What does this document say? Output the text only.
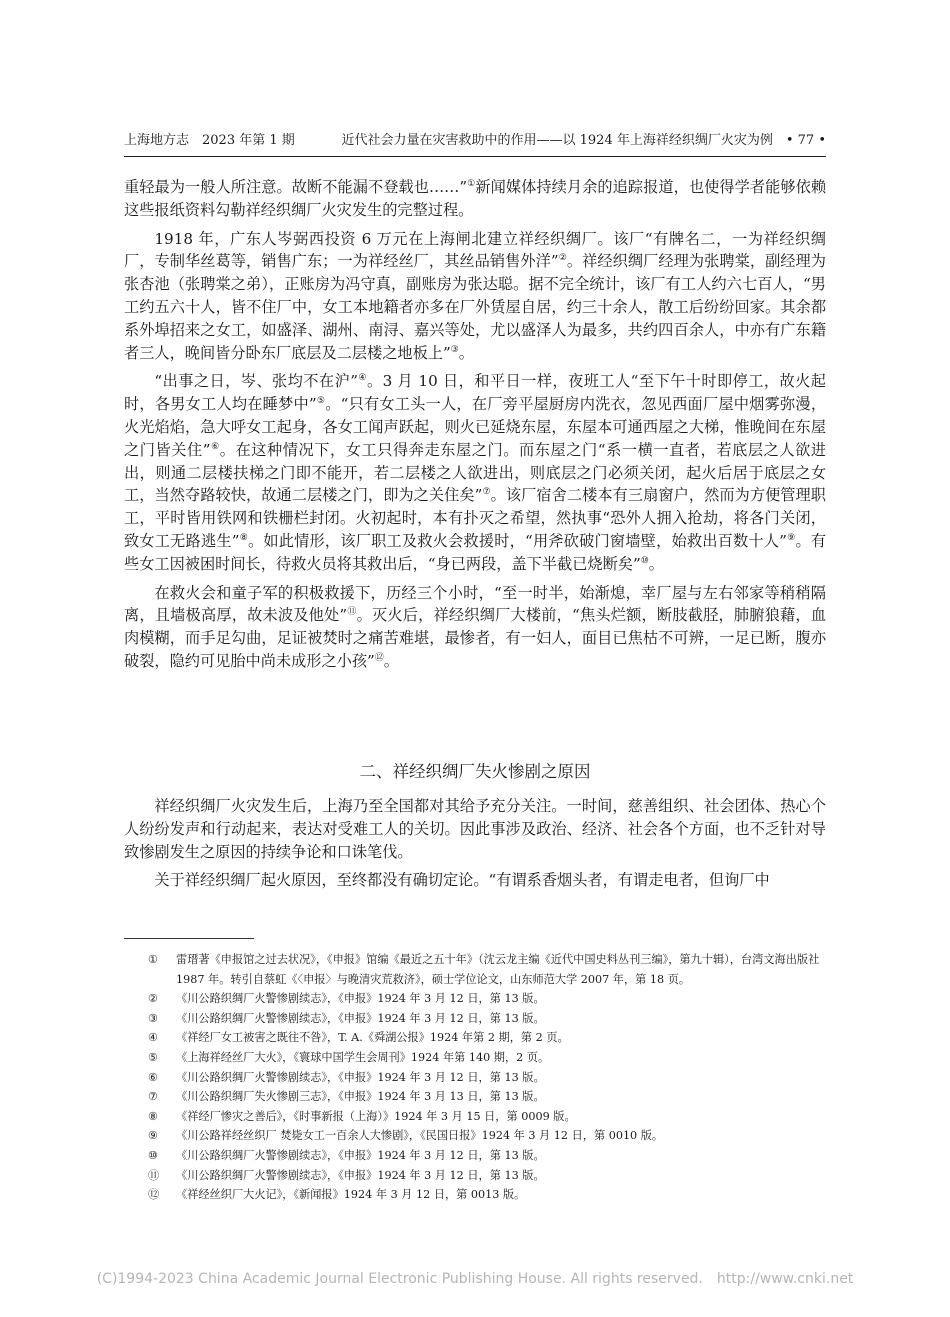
上海地方志　2023 年第 1 期	近代社会力量在灾害救助中的作用——以 1924 年上海祥经织绸厂火灾为例　• 77 •

重轻最为一般人所注意。故断不能漏不登载也……”①新闻媒体持续月余的追踪报道，也使得学者能够依赖这些报纸资料勾勒祥经织绸厂火灾发生的完整过程。

1918 年，广东人岑弼西投资 6 万元在上海闸北建立祥经织绸厂。该厂“有牌名二，一为祥经织绸厂，专制华丝葛等，销售广东；一为祥经丝厂，其丝品销售外洋”②。祥经织绸厂经理为张聘棠，副经理为张杏池（张聘棠之弟），正账房为冯守真，副账房为张达聪。据不完全统计，该厂有工人约六七百人，“男工约五六十人，皆不住厂中，女工本地籍者亦多在厂外赁屋自居，约三十余人，散工后纷纷回家。其余都系外埠招来之女工，如盛泽、湖州、南浔、嘉兴等处，尤以盛泽人为最多，共约四百余人，中亦有广东籍者三人，晚间皆分卧东厂底层及二层楼之地板上”③。

“出事之日，岑、张均不在沪”④。3 月 10 日，和平日一样，夜班工人“至下午十时即停工，故火起时，各男女工人均在睡梦中”⑤。“只有女工头一人，在厂旁平屋厨房内洗衣，忽见西面厂屋中烟雾弥漫，火光焰焰，急大呼女工起身，各女工闻声跃起，则火已延烧东屋，东屋本可通西屋之大梯，惟晚间在东屋之门皆关住”⑥。在这种情况下，女工只得奔走东屋之门。而东屋之门“系一横一直者，若底层之人欲进出，则通二层楼扶梯之门即不能开，若二层楼之人欲进出，则底层之门必须关闭，起火后居于底层之女工，当然夺路较快，故通二层楼之门，即为之关住矣”⑦。该厂宿舍二楼本有三扇窗户，然而为方便管理职工，平时皆用铁网和铁栅栏封闭。火初起时，本有扑灭之希望，然执事“恐外人拥入抢劫，将各门关闭，致女工无路逃生”⑧。如此情形，该厂职工及救火会救援时，“用斧砍破门窗墙壁，始救出百数十人”⑨。有些女工因被困时间长，待救火员将其救出后，“身已两段，盖下半截已烧断矣”⑩。

在救火会和童子军的积极救援下，历经三个小时，“至一时半，始渐熄，幸厂屋与左右邻家等稍稍隔离，且墙极高厚，故未波及他处”⑪。灭火后，祥经织绸厂大楼前，“焦头烂额，断肢截胫，肺腑狼藉，血肉模糊，而手足勾曲，足证被焚时之痛苦难堪，最惨者，有一妇人，面目已焦枯不可辨，一足已断，腹亦破裂，隐约可见胎中尚未成形之小孩”⑫。

二、祥经织绸厂失火惨剧之原因

祥经织绸厂火灾发生后，上海乃至全国都对其给予充分关注。一时间，慈善组织、社会团体、热心个人纷纷发声和行动起来，表达对受难工人的关切。因此事涉及政治、经济、社会各个方面，也不乏针对导致惨剧发生之原因的持续争论和口诛笔伐。

关于祥经织绸厂起火原因，至终都没有确切定论。“有谓系香烟头者，有谓走电者，但询厂中

① 雷瑨著《申报馆之过去状况》，《申报》馆编《最近之五十年》（沈云龙主编《近代中国史料丛刊三编》，第九十辑），台湾文海出版社 1987 年。转引自蔡虹《〈申报〉与晚清灾荒救济》，硕士学位论文，山东师范大学 2007 年，第 18 页。
② 《川公路织绸厂火警惨剧续志》，《申报》1924 年 3 月 12 日，第 13 版。
③ 《川公路织绸厂火警惨剧续志》，《申报》1924 年 3 月 12 日，第 13 版。
④ 《祥经厂女工被害之既往不咎》，T. A.《舜湖公报》1924 年第 2 期，第 2 页。
⑤ 《上海祥经丝厂大火》，《寰球中国学生会周刊》1924 年第 140 期，2 页。
⑥ 《川公路织绸厂火警惨剧续志》，《申报》1924 年 3 月 12 日，第 13 版。
⑦ 《川公路织绸厂失火惨剧三志》，《申报》1924 年 3 月 13 日，第 13 版。
⑧ 《祥经厂惨灾之善后》，《时事新报（上海）》1924 年 3 月 15 日，第 0009 版。
⑨ 《川公路祥经丝织厂 焚毙女工一百余人大惨剧》，《民国日报》1924 年 3 月 12 日，第 0010 版。
⑩ 《川公路织绸厂火警惨剧续志》，《申报》1924 年 3 月 12 日，第 13 版。
⑪ 《川公路织绸厂火警惨剧续志》，《申报》1924 年 3 月 12 日，第 13 版。
⑫ 《祥经丝织厂大火记》，《新闻报》1924 年 3 月 12 日，第 0013 版。
(C)1994-2023 China Academic Journal Electronic Publishing House. All rights reserved.　http://www.cnki.net
